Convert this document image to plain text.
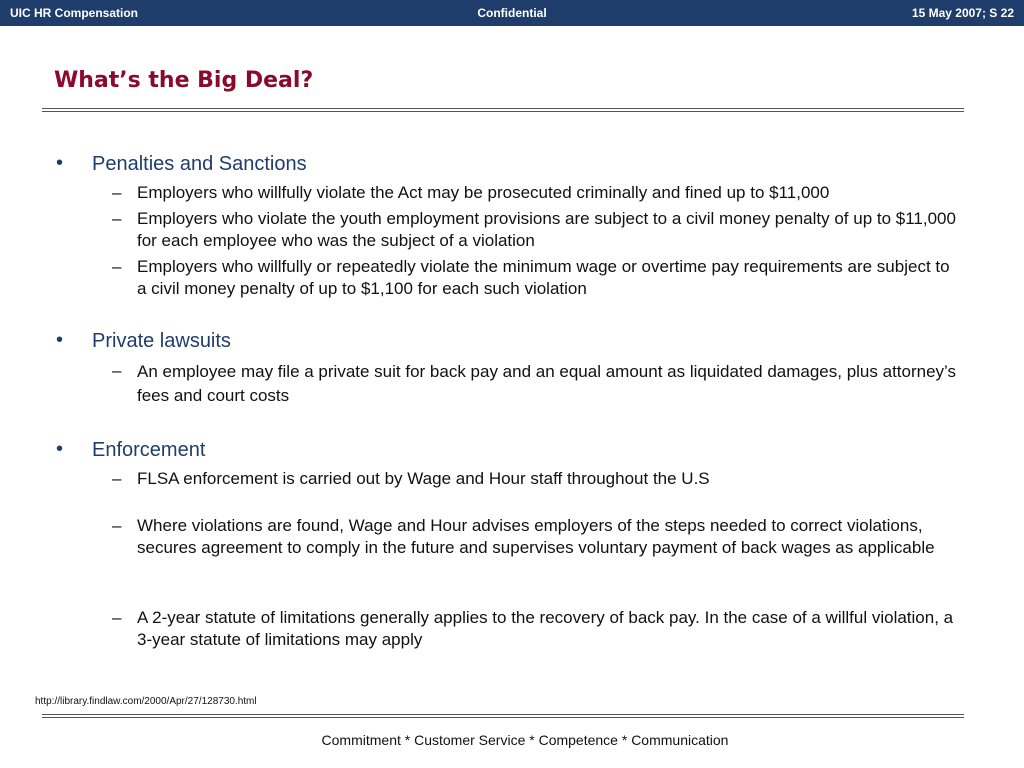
UIC HR Compensation	Confidential	15 May 2007; S 22
What’s the Big Deal?
• Penalties and Sanctions
– Employers who willfully violate the Act may be prosecuted criminally and fined up to $11,000
– Employers who violate the youth employment provisions are subject to a civil money penalty of up to $11,000 for each employee who was the subject of a violation
– Employers who willfully or repeatedly violate the minimum wage or overtime pay requirements are subject to a civil money penalty of up to $1,100 for each such violation
• Private lawsuits
– An employee may file a private suit for back pay and an equal amount as liquidated damages, plus attorney’s fees and court costs
• Enforcement
– FLSA enforcement is carried out by Wage and Hour staff throughout the U.S
– Where violations are found, Wage and Hour advises employers of the steps needed to correct violations, secures agreement to comply in the future and supervises voluntary payment of back wages as applicable
– A 2-year statute of limitations generally applies to the recovery of back pay. In the case of a willful violation, a 3-year statute of limitations may apply
http://library.findlaw.com/2000/Apr/27/128730.html
Commitment * Customer Service * Competence * Communication
